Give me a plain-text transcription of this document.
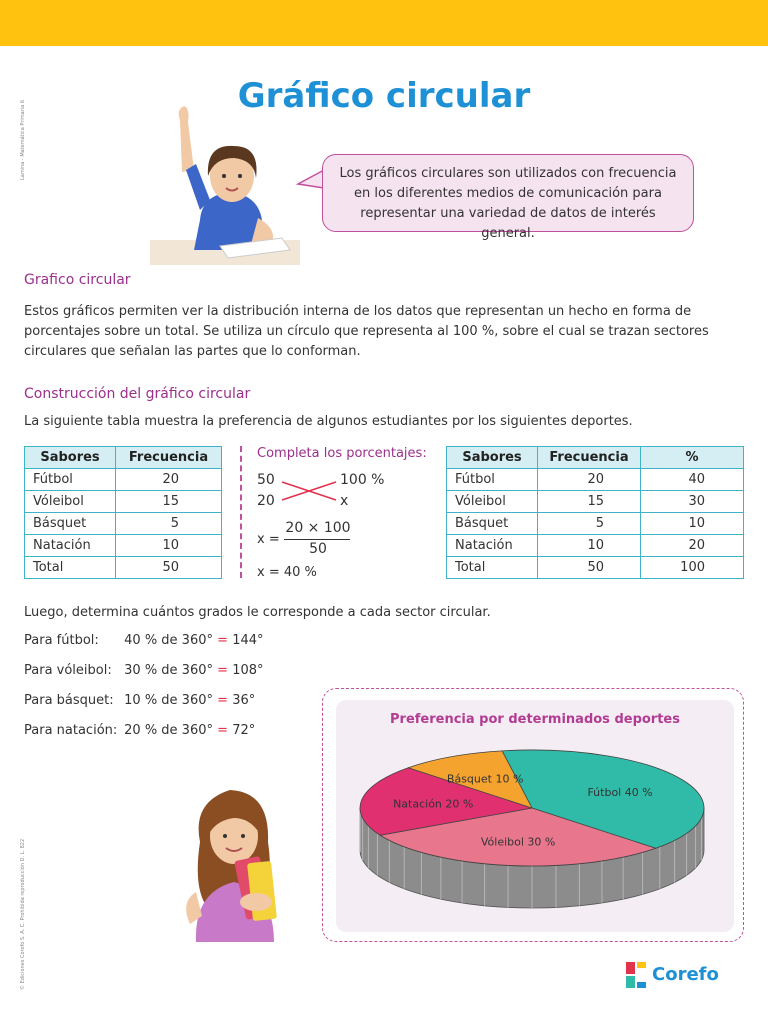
Lamina - Matemática Primaria 6
© Ediciones Corefo S. A. C. Prohibida reproducción D. L. 822
Gráfico circular
Los gráficos circulares son utilizados con frecuencia
en los diferentes medios de comunicación para
representar una variedad de datos de interés general.
Grafico circular

Estos gráficos permiten ver la distribución interna de los datos que representan un hecho en forma de porcentajes sobre un total. Se utiliza un círculo que representa al 100 %, sobre el cual se trazan sectores circulares que señalan las partes que lo conforman.

Construcción del gráfico circular

La siguiente tabla muestra la preferencia de algunos estudiantes por los siguientes deportes.

Sabores	Frecuencia
Fútbol	20
Vóleibol	15
Básquet	5
Natación	10
Total	50
Completa los porcentajes:
50	100 %
20	x
x =
20 × 100
50
x = 40 %
Sabores	Frecuencia	%
Fútbol	20	40
Vóleibol	15	30
Básquet	5	10
Natación	10	20
Total	50	100

Luego, determina cuántos grados le corresponde a cada sector circular.

Para fútbol: 40 % de 360° = 144°
Para vóleibol: 30 % de 360° = 108°
Para básquet: 10 % de 360° = 36°
Para natación: 20 % de 360° = 72°
Preferencia por determinados deportes
Fútbol 40 %
Vóleibol 30 %
Natación 20 %
Básquet 10 %
Corefo
